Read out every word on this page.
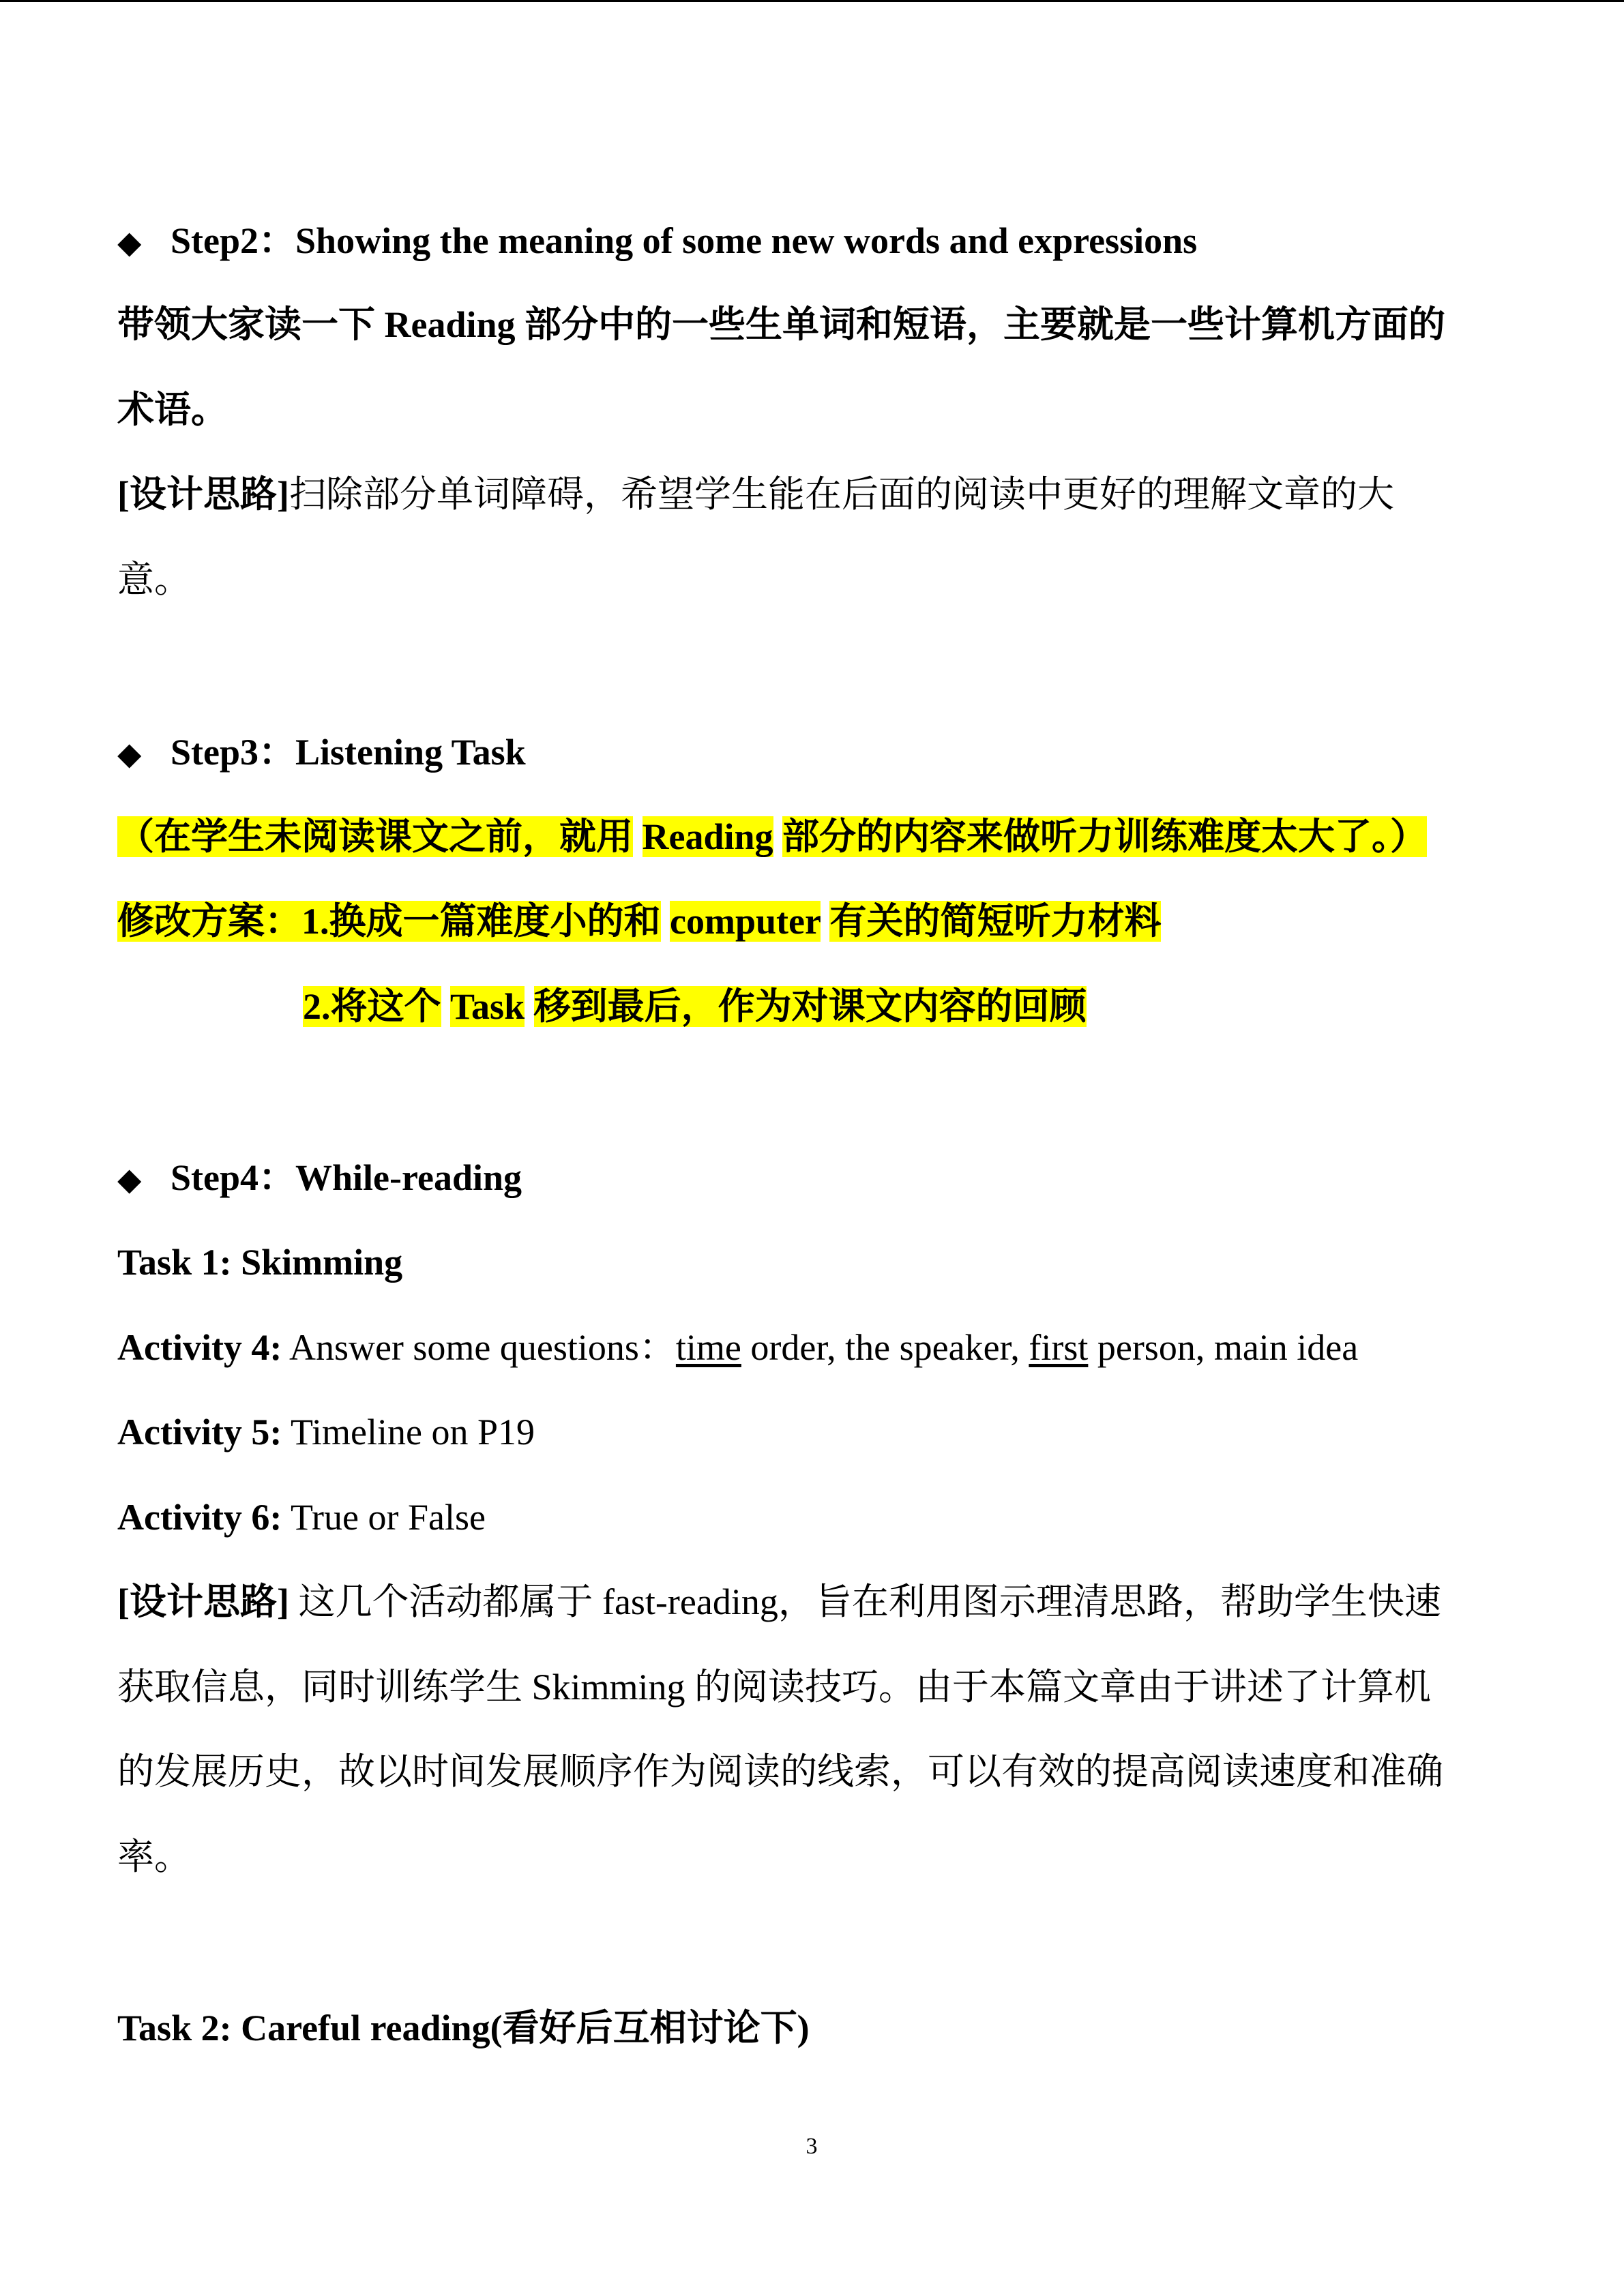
◆ Step2：Showing the meaning of some new words and expressions
带领大家读一下 Reading 部分中的一些生单词和短语，主要就是一些计算机方面的
术语。
[设计思路]扫除部分单词障碍，希望学生能在后面的阅读中更好的理解文章的大
意。
◆ Step3：Listening Task
（在学生未阅读课文之前，就用 Reading 部分的内容来做听力训练难度太大了。）
修改方案：1.换成一篇难度小的和 computer 有关的简短听力材料
2.将这个 Task 移到最后，作为对课文内容的回顾
◆ Step4：While-reading
Task 1: Skimming
Activity 4: Answer some questions：time order, the speaker, first person, main idea
Activity 5: Timeline on P19
Activity 6: True or False
[设计思路] 这几个活动都属于 fast-reading，旨在利用图示理清思路，帮助学生快速
获取信息，同时训练学生 Skimming 的阅读技巧。由于本篇文章由于讲述了计算机
的发展历史，故以时间发展顺序作为阅读的线索，可以有效的提高阅读速度和准确
率。
Task 2: Careful reading(看好后互相讨论下)
3
